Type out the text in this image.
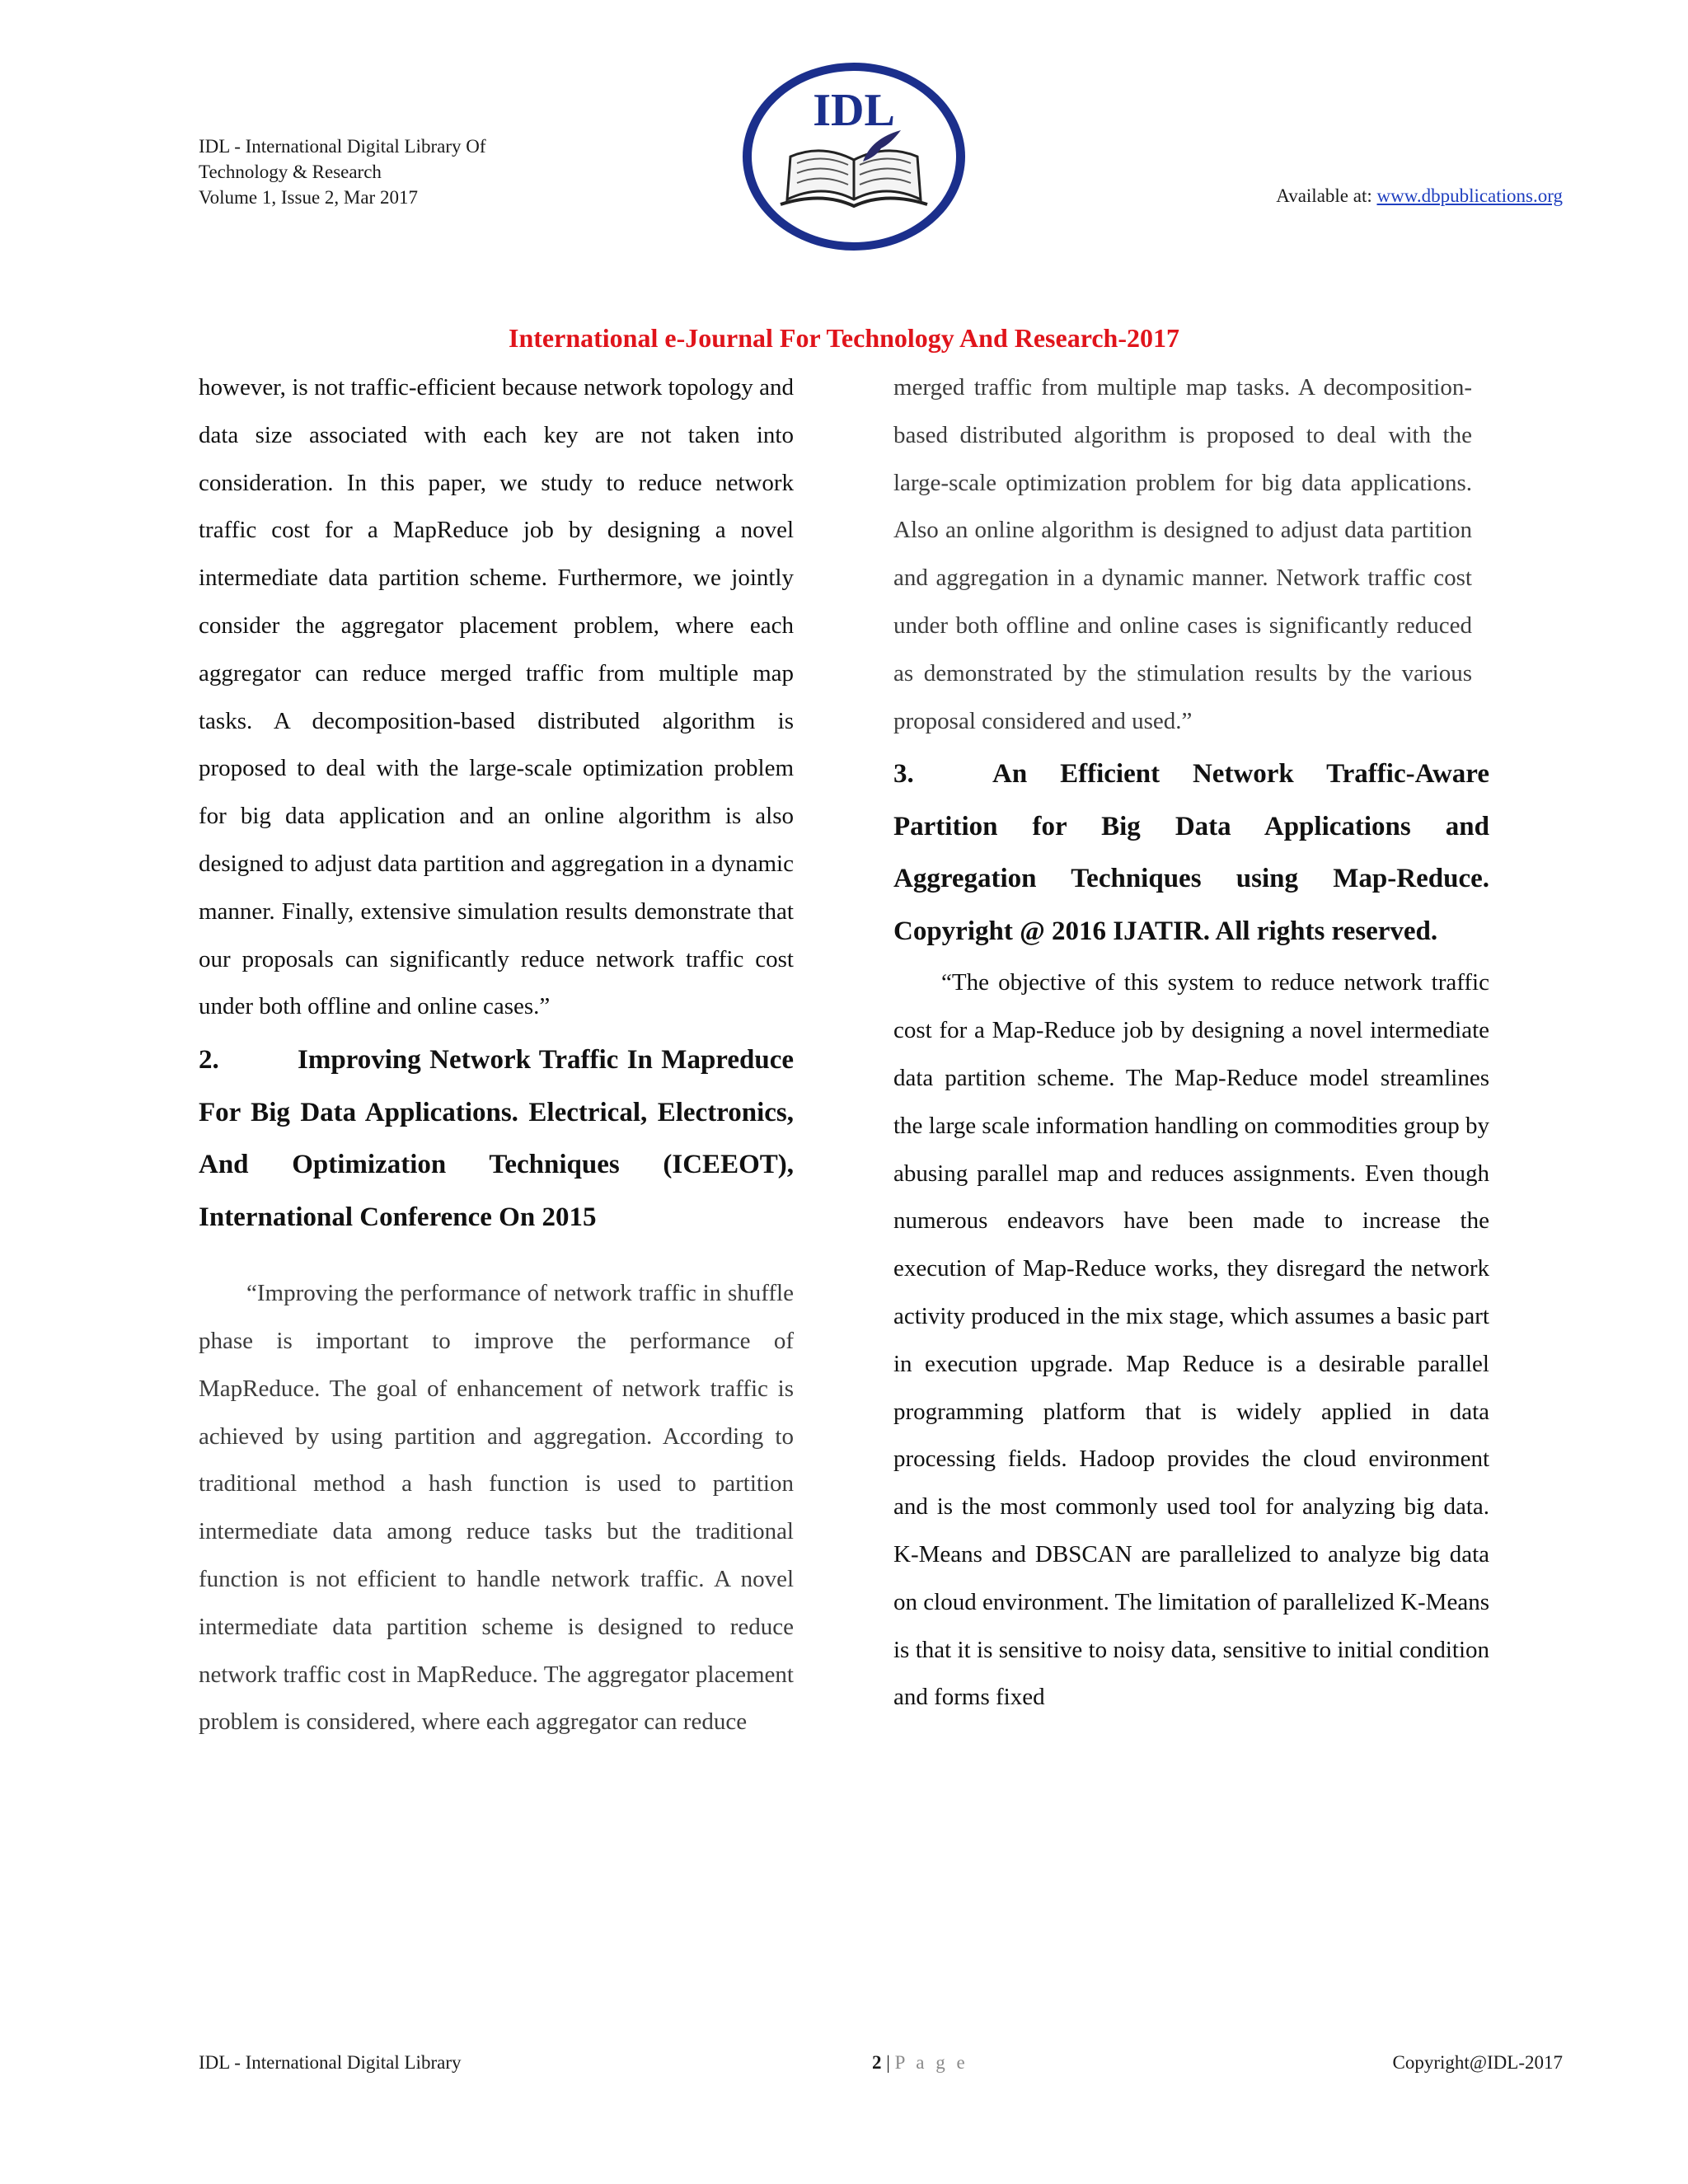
IDL - International Digital Library Of
Technology & Research
Volume 1, Issue 2, Mar 2017
IDL
Available at: www.dbpublications.org
International e-Journal For Technology And Research-2017

however, is not traffic-efficient because network topology and data size associated with each key are not taken into consideration. In this paper, we study to reduce network traffic cost for a MapReduce job by designing a novel intermediate data partition scheme. Furthermore, we jointly consider the aggregator placement problem, where each aggregator can reduce merged traffic from multiple map tasks. A decomposition-based distributed algorithm is proposed to deal with the large-scale optimization problem for big data application and an online algorithm is also designed to adjust data partition and aggregation in a dynamic manner. Finally, extensive simulation results demonstrate that our proposals can significantly reduce network traffic cost under both offline and online cases.”

2.	Improving Network Traffic In Mapreduce For Big Data Applications. Electrical, Electronics, And Optimization Techniques (ICEEOT), International Conference On 2015

“Improving the performance of network traffic in shuffle phase is important to improve the performance of MapReduce. The goal of enhancement of network traffic is achieved by using partition and aggregation. According to traditional method a hash function is used to partition intermediate data among reduce tasks but the traditional function is not efficient to handle network traffic. A novel intermediate data partition scheme is designed to reduce network traffic cost in MapReduce. The aggregator placement problem is considered, where each aggregator can reduce

merged traffic from multiple map tasks. A decomposition-based distributed algorithm is proposed to deal with the large-scale optimization problem for big data applications. Also an online algorithm is designed to adjust data partition and aggregation in a dynamic manner. Network traffic cost under both offline and online cases is significantly reduced as demonstrated by the stimulation results by the various proposal considered and used.”

3.	An Efficient Network Traffic-Aware Partition for Big Data Applications and Aggregation Techniques using Map-Reduce. Copyright @ 2016 IJATIR. All rights reserved.

“The objective of this system to reduce network traffic cost for a Map-Reduce job by designing a novel intermediate data partition scheme. The Map-Reduce model streamlines the large scale information handling on commodities group by abusing parallel map and reduces assignments. Even though numerous endeavors have been made to increase the execution of Map-Reduce works, they disregard the network activity produced in the mix stage, which assumes a basic part in execution upgrade. Map Reduce is a desirable parallel programming platform that is widely applied in data processing fields. Hadoop provides the cloud environment and is the most commonly used tool for analyzing big data. K-Means and DBSCAN are parallelized to analyze big data on cloud environment. The limitation of parallelized K-Means is that it is sensitive to noisy data, sensitive to initial condition and forms fixed

IDL - International Digital Library	2 | P a g e	Copyright@IDL-2017
